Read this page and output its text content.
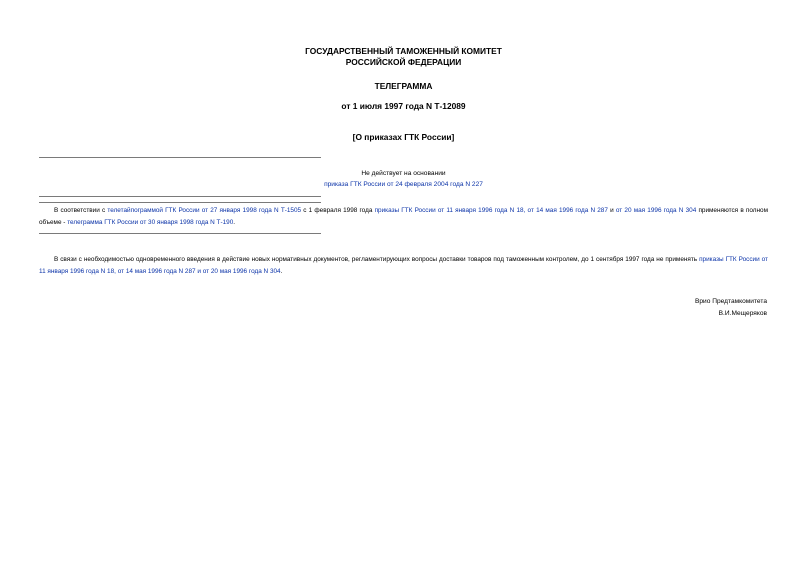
ГОСУДАРСТВЕННЫЙ ТАМОЖЕННЫЙ КОМИТЕТ
РОССИЙСКОЙ ФЕДЕРАЦИИ
ТЕЛЕГРАММА
от 1 июля 1997 года N Т-12089
[О приказах ГТК России]
Не действует на основании
приказа ГТК России от 24 февраля 2004 года N 227
В соответствии с телетайпограммой ГТК России от 27 января 1998 года N Т-1505 с 1 февраля 1998 года приказы ГТК России от 11 января 1996 года N 18, от 14 мая 1996 года N 287 и от 20 мая 1996 года N 304 применяются в полном объеме - телеграмма ГТК России от 30 января 1998 года N Т-190.
В связи с необходимостью одновременного введения в действие новых нормативных документов, регламентирующих вопросы доставки товаров под таможенным контролем, до 1 сентября 1997 года не применять приказы ГТК России от 11 января 1996 года N 18, от 14 мая 1996 года N 287 и от 20 мая 1996 года N 304.
Врио Предтамкомитета
В.И.Мещеряков
